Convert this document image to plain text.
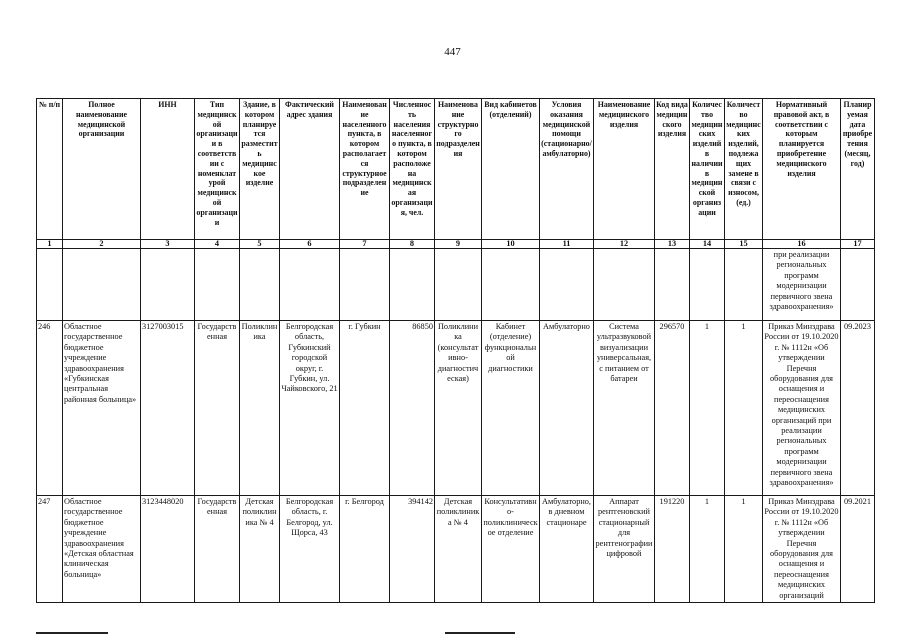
447
№ п/п	Полное наименование медицинской организации	ИНН	Тип медицинской организации в соответствии с номенклатурой медицинской организации	Здание, в котором планируется разместить медицинское изделие	Фактический адрес здания	Наименование населенного пункта, в котором располагается структурное подразделение	Численность населения населенного пункта, в котором расположена медицинская организация, чел.	Наименование структурного подразделения	Вид кабинетов (отделений)	Условия оказания медицинской помощи (стационарно/амбулаторно)	Наименование медицинского изделия	Код вида медицинского изделия	Количество медицинских изделий в наличии в медицинской организации	Количество медицинских изделий, подлежащих замене в связи с износом, (ед.)	Нормативный правовой акт, в соответствии с которым планируется приобретение медицинского изделия	Планируемая дата приобретения (месяц, год)
1	2	3	4	5	6	7	8	9	10	11	12	13	14	15	16	17
															при реализации региональных программ модернизации первичного звена здравоохранения»	
246	Областное государственное бюджетное учреждение здравоохранения «Губкинская центральная районная больница»	3127003015	Государственная	Поликлиника	Белгородская область, Губкинский городской округ, г. Губкин, ул. Чайковского, 21	г. Губкин	86850	Поликлиника (консультативно-диагностическая)	Кабинет (отделение) функциональной диагностики	Амбулаторно	Система ультразвуковой визуализации универсальная, с питанием от батареи	296570	1	1	Приказ Минздрава России от 19.10.2020 г. № 1112н «Об утверждении Перечня оборудования для оснащения и переоснащения медицинских организаций при реализации региональных программ модернизации первичного звена здравоохранения»	09.2023
247	Областное государственное бюджетное учреждение здравоохранения «Детская областная клиническая больница»	3123448020	Государственная	Детская поликлиника № 4	Белгородская область, г. Белгород, ул. Щорса, 43	г. Белгород	394142	Детская поликлиника № 4	Консультативно-поликлиническое отделение	Амбулаторно, в дневном стационаре	Аппарат рентгеновский стационарный для рентгенографии цифровой	191220	1	1	Приказ Минздрава России от 19.10.2020 г. № 1112н «Об утверждении Перечня оборудования для оснащения и переоснащения медицинских организаций	09.2021
